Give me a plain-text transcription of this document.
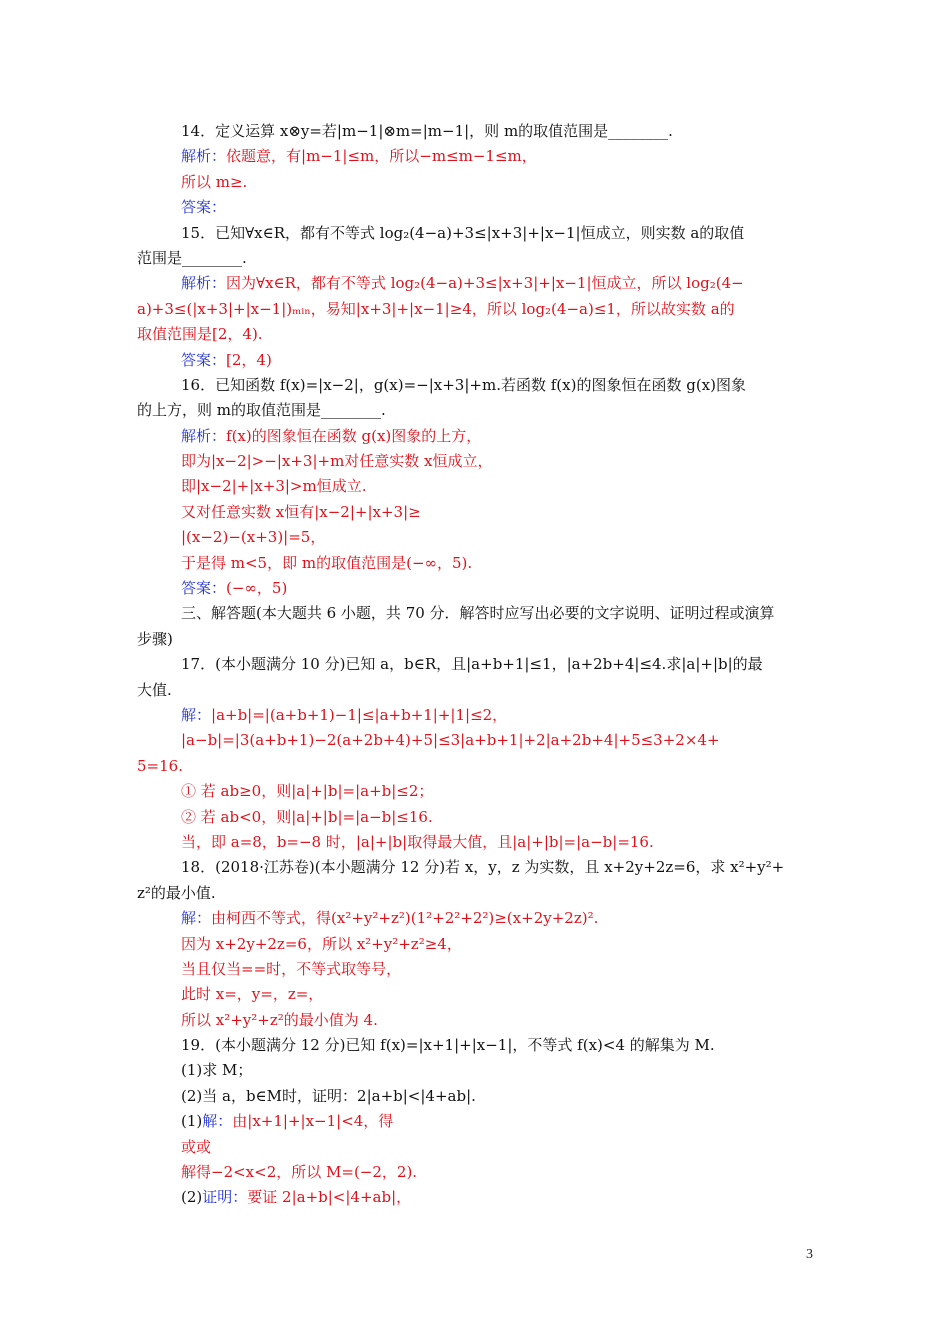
14．定义运算 x⊗y=若|m−1|⊗m=|m−1|，则 m的取值范围是________.
解析：依题意，有|m−1|≤m，所以−m≤m−1≤m，
所以 m≥.
答案：
15．已知∀x∈R，都有不等式 log₂(4−a)+3≤|x+3|+|x−1|恒成立，则实数 a的取值
范围是________.
解析：因为∀x∈R，都有不等式 log₂(4−a)+3≤|x+3|+|x−1|恒成立，所以 log₂(4−
a)+3≤(|x+3|+|x−1|)ₘᵢₙ，易知|x+3|+|x−1|≥4，所以 log₂(4−a)≤1，所以故实数 a的
取值范围是[2，4).
答案：[2，4)
16．已知函数 f(x)=|x−2|，g(x)=−|x+3|+m.若函数 f(x)的图象恒在函数 g(x)图象
的上方，则 m的取值范围是________.
解析：f(x)的图象恒在函数 g(x)图象的上方，
即为|x−2|>−|x+3|+m对任意实数 x恒成立，
即|x−2|+|x+3|>m恒成立.
又对任意实数 x恒有|x−2|+|x+3|≥
|(x−2)−(x+3)|=5，
于是得 m<5，即 m的取值范围是(−∞，5).
答案：(−∞，5)
三、解答题(本大题共 6 小题，共 70 分．解答时应写出必要的文字说明、证明过程或演算
步骤)
17．(本小题满分 10 分)已知 a，b∈R，且|a+b+1|≤1，|a+2b+4|≤4.求|a|+|b|的最
大值.
解：|a+b|=|(a+b+1)−1|≤|a+b+1|+|1|≤2，
|a−b|=|3(a+b+1)−2(a+2b+4)+5|≤3|a+b+1|+2|a+2b+4|+5≤3+2×4+
5=16.
① 若 ab≥0，则|a|+|b|=|a+b|≤2；
② 若 ab<0，则|a|+|b|=|a−b|≤16.
当，即 a=8，b=−8 时，|a|+|b|取得最大值，且|a|+|b|=|a−b|=16.
18．(2018·江苏卷)(本小题满分 12 分)若 x，y，z 为实数，且 x+2y+2z=6，求 x²+y²+
z²的最小值.
解：由柯西不等式，得(x²+y²+z²)(1²+2²+2²)≥(x+2y+2z)².
因为 x+2y+2z=6，所以 x²+y²+z²≥4，
当且仅当==时，不等式取等号，
此时 x=，y=，z=，
所以 x²+y²+z²的最小值为 4.
19．(本小题满分 12 分)已知 f(x)=|x+1|+|x−1|，不等式 f(x)<4 的解集为 M.
(1)求 M；
(2)当 a，b∈M时，证明：2|a+b|<|4+ab|.
(1)解：由|x+1|+|x−1|<4，得
或或
解得−2<x<2，所以 M=(−2，2).
(2)证明：要证 2|a+b|<|4+ab|，
3
